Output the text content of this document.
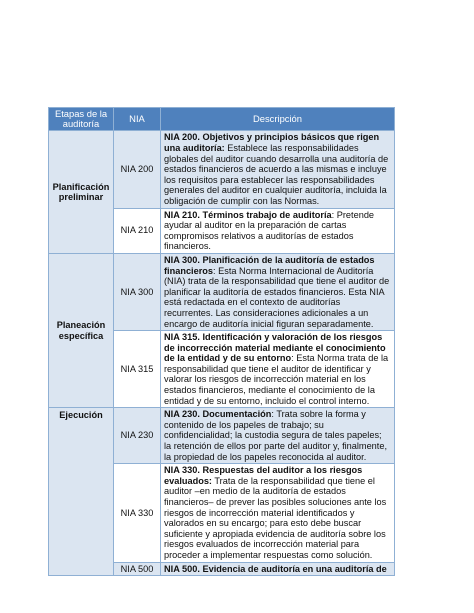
Etapas de la auditoría	NIA	Descripción
Planificación preliminar	NIA 200	NIA 200. Objetivos y principios básicos que rigen una auditoría: Establece las responsabilidades globales del auditor cuando desarrolla una auditoría de estados financieros de acuerdo a las mismas e incluye los requisitos para establecer las responsabilidades generales del auditor en cualquier auditoría, incluida la obligación de cumplir con las Normas.
	NIA 210	NIA 210. Términos trabajo de auditoría: Pretende ayudar al auditor en la preparación de cartas compromisos relativos a auditorías de estados financieros.
Planeación específica	NIA 300	NIA 300. Planificación de la auditoría de estados financieros: Esta Norma Internacional de Auditoría (NIA) trata de la responsabilidad que tiene el auditor de planificar la auditoría de estados financieros. Esta NIA está redactada en el contexto de auditorías recurrentes. Las consideraciones adicionales a un encargo de auditoría inicial figuran separadamente.
	NIA 315	NIA 315. Identificación y valoración de los riesgos de incorrección material mediante el conocimiento de la entidad y de su entorno: Esta Norma trata de la responsabilidad que tiene el auditor de identificar y valorar los riesgos de incorrección material en los estados financieros, mediante el conocimiento de la entidad y de su entorno, incluido el control interno.
Ejecución	NIA 230	NIA 230. Documentación: Trata sobre la forma y contenido de los papeles de trabajo; su confidencialidad; la custodia segura de tales papeles; la retención de ellos por parte del auditor y, finalmente, la propiedad de los papeles reconocida al auditor.
	NIA 330	NIA 330. Respuestas del auditor a los riesgos evaluados: Trata de la responsabilidad que tiene el auditor –en medio de la auditoría de estados financieros– de prever las posibles soluciones ante los riesgos de incorrección material identificados y valorados en su encargo; para esto debe buscar suficiente y apropiada evidencia de auditoría sobre los riesgos evaluados de incorrección material para proceder a implementar respuestas como solución.
	NIA 500	NIA 500. Evidencia de auditoría en una auditoría de
